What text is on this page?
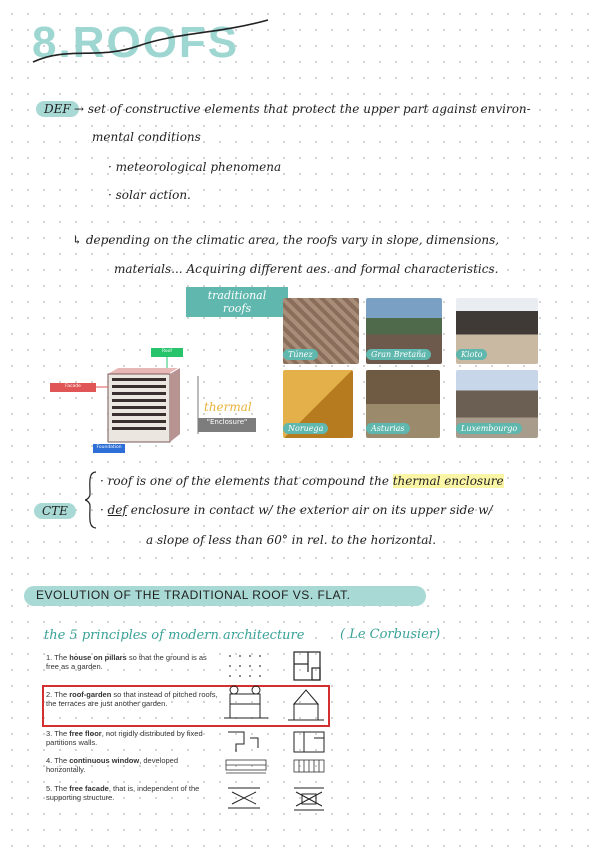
8.ROOFS
DEF → set of constructive elements that protect the upper part against environ-
mental conditions
· meteorological phenomena
· solar action.
↳ depending on the climatic area, the roofs vary in slope, dimensions,
materials... Acquiring different aes. and formal characteristics.
traditional
roofs
Túnez	Gran Bretaña	Kioto
Noruega	Asturias	Luxembourgo
Roof
Facade
Foundation
"Enclosure"
thermal
CTE
· roof is one of the elements that compound the thermal enclosure
· def enclosure in contact w/ the exterior air on its upper side w/
a slope of less than 60° in rel. to the horizontal.
EVOLUTION OF THE TRADITIONAL ROOF VS. FLAT.
the 5 principles of modern architecture	( Le Corbusier)
1. The house on pillars so that the ground is as free as a garden.
2. The roof-garden so that instead of pitched roofs, the terraces are just another garden.
3. The free floor, not rigidly distributed by fixed partitions walls.
4. The continuous window, developed horizontally.
5. The free facade, that is, independent of the supporting structure.
